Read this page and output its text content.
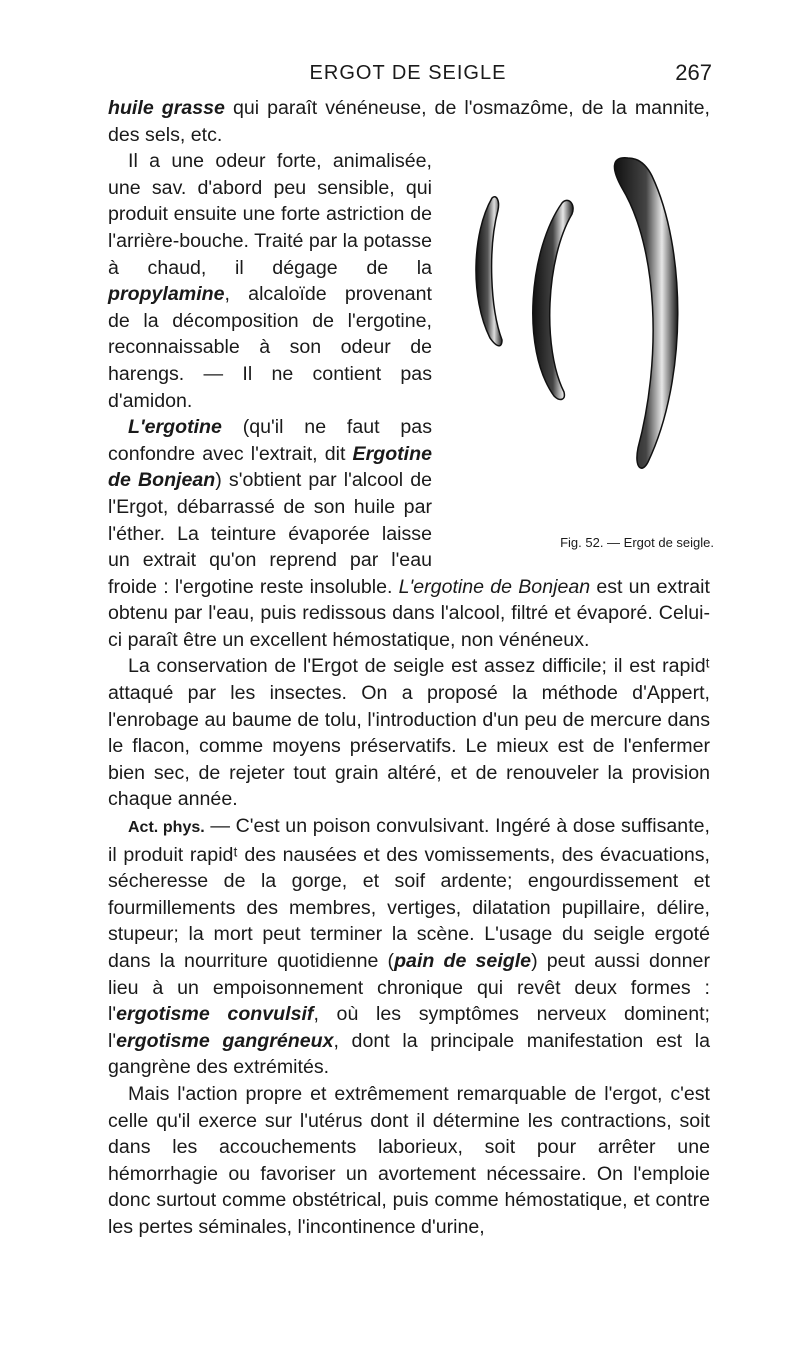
ERGOT DE SEIGLE	267

huile grasse qui paraît vénéneuse, de l'osmazôme, de la mannite, des sels, etc.

Fig. 52. — Ergot de seigle.
Il a une odeur forte, animalisée, une sav. d'abord peu sensible, qui produit ensuite une forte astriction de l'arrière-bouche. Traité par la potasse à chaud, il dégage de la propylamine, alcaloïde provenant de la décomposition de l'ergotine, reconnaissable à son odeur de harengs. — Il ne contient pas d'amidon.

L'ergotine (qu'il ne faut pas confondre avec l'extrait, dit Ergotine de Bonjean) s'obtient par l'alcool de l'Ergot, débarrassé de son huile par l'éther. La teinture évaporée laisse un extrait qu'on reprend par l'eau froide : l'ergotine reste insoluble. L'ergotine de Bonjean est un extrait obtenu par l'eau, puis redissous dans l'alcool, filtré et évaporé. Celui-ci paraît être un excellent hémostatique, non vénéneux.

La conservation de l'Ergot de seigle est assez difficile; il est rapidᵗ attaqué par les insectes. On a proposé la méthode d'Appert, l'enrobage au baume de tolu, l'introduction d'un peu de mercure dans le flacon, comme moyens préservatifs. Le mieux est de l'enfermer bien sec, de rejeter tout grain altéré, et de renouveler la provision chaque année.

Act. phys. — C'est un poison convulsivant. Ingéré à dose suffisante, il produit rapidᵗ des nausées et des vomissements, des évacuations, sécheresse de la gorge, et soif ardente; engourdissement et fourmillements des membres, vertiges, dilatation pupillaire, délire, stupeur; la mort peut terminer la scène. L'usage du seigle ergoté dans la nourriture quotidienne (pain de seigle) peut aussi donner lieu à un empoisonnement chronique qui revêt deux formes : l'ergotisme convulsif, où les symptômes nerveux dominent; l'ergotisme gangréneux, dont la principale manifestation est la gangrène des extrémités.

Mais l'action propre et extrêmement remarquable de l'ergot, c'est celle qu'il exerce sur l'utérus dont il détermine les contractions, soit dans les accouchements laborieux, soit pour arrêter une hémorrhagie ou favoriser un avortement nécessaire. On l'emploie donc surtout comme obstétrical, puis comme hémostatique, et contre les pertes séminales, l'incontinence d'urine,
